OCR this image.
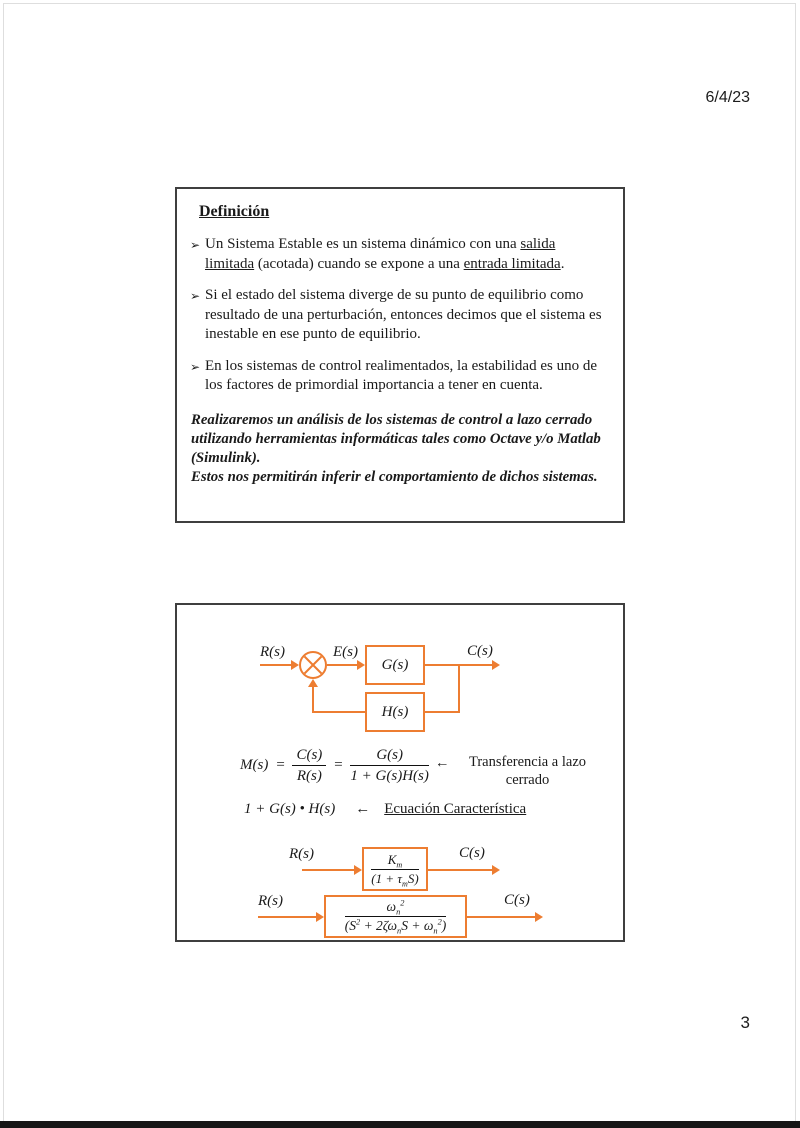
6/4/23
Definición
➢ Un Sistema Estable es un sistema dinámico con una salida
limitada (acotada) cuando se expone a una entrada limitada.
➢ Si el estado del sistema diverge de su punto de equilibrio como
resultado de una perturbación, entonces decimos que el sistema es
inestable en ese punto de equilibrio.
➢ En los sistemas de control realimentados, la estabilidad es uno de
los factores de primordial importancia a tener en cuenta.
Realizaremos un análisis de los sistemas de control a lazo cerrado
utilizando herramientas informáticas tales como Octave y/o Matlab
(Simulink).
Estos nos permitirán inferir el comportamiento de dichos sistemas.
R(s)	E(s)
G(s)
C(s)
H(s)
$M(s) = \frac{C(s)}{R(s)} = \frac{G(s)}{1 + G(s)H(s)}$ ←	Transferencia a lazo
cerrado
1 + G(s) • H(s) ← Ecuación Característica
R(s)	$\frac{K_m}{(1 + \tau_mS)}$	C(s)
R(s)	$\frac{\omega_n^2}{(S^2 + 2\zeta\omega_nS + \omega_n^2)}$	C(s)
3
